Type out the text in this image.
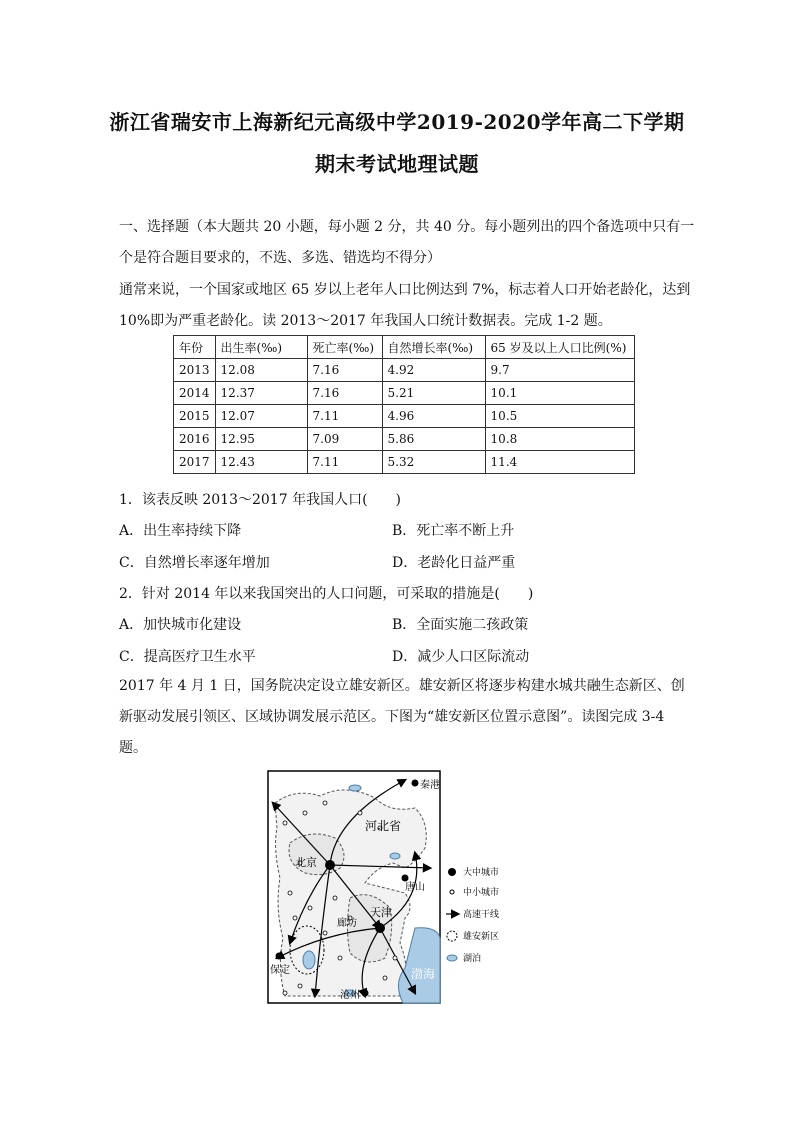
浙江省瑞安市上海新纪元高级中学2019-2020学年高二下学期
期末考试地理试题
一、选择题（本大题共 20 小题，每小题 2 分，共 40 分。每小题列出的四个备选项中只有一
个是符合题目要求的，不选、多选、错选均不得分）
通常来说，一个国家或地区 65 岁以上老年人口比例达到 7%，标志着人口开始老龄化，达到
10%即为严重老龄化。读 2013～2017 年我国人口统计数据表。完成 1-2 题。
年份	出生率(‰)	死亡率(‰)	自然增长率(‰)	65 岁及以上人口比例(%)
2013	12.08	7.16	4.92	9.7
2014	12.37	7.16	5.21	10.1
2015	12.07	7.11	4.96	10.5
2016	12.95	7.09	5.86	10.8
2017	12.43	7.11	5.32	11.4
1．该表反映 2013～2017 年我国人口(　　)
A．出生率持续下降	B．死亡率不断上升
C．自然增长率逐年增加	D．老龄化日益严重
2．针对 2014 年以来我国突出的人口问题，可采取的措施是(　　)
A．加快城市化建设	B．全面实施二孩政策
C．提高医疗卫生水平	D．减少人口区际流动
2017 年 4 月 1 日，国务院决定设立雄安新区。雄安新区将逐步构建水城共融生态新区、创
新驱动发展引领区、区域协调发展示范区。下图为“雄安新区位置示意图”。读图完成 3-4
题。
秦港
河北省
北京
唐山
廊坊
天津
保定
沧州
渤海
大中城市
中小城市
高速干线
雄安新区
湖泊
